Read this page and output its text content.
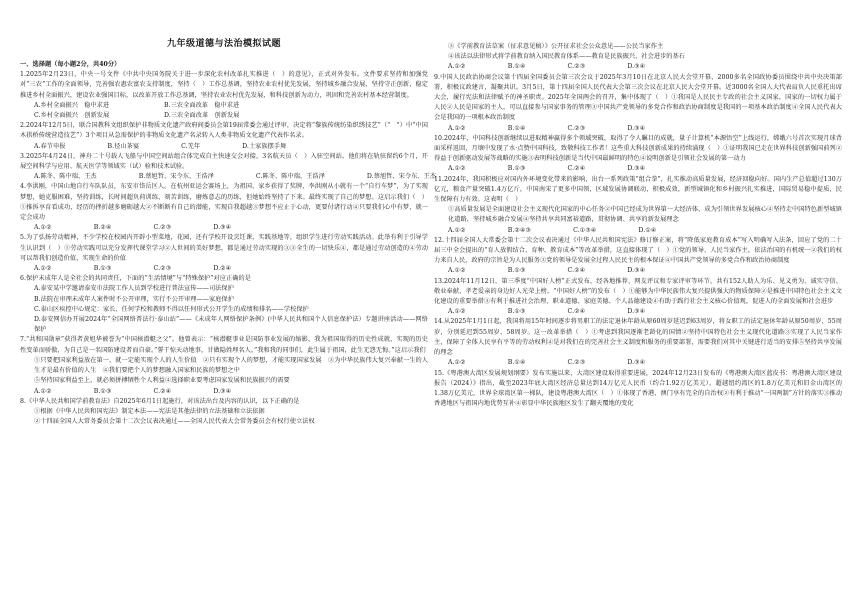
九年级道德与法治模拟试题

一、选择题（每小题2分，共40分）

1.2025年2月23日，中央一号文件《中共中央国务院关于进一步深化农村改革扎实推进（　）的意见》，正式对外发布。文件要求坚持和加强党对“三农”工作的全面领导，完善强农惠农富农支持制度，坚持（　）工作总基调，坚持农业农村优先发展，坚持城乡融合发展，坚持守正创新，稳定推进乡村全面振兴，建设农业强国目标，以改革开放工作总基调，坚持农业农村优先发展，和科技创新为动力，巩固和完善农村基本经营制度。

A.乡村全面振兴　稳中求进	B.三农全面改革　稳中求进
C.乡村全面振兴　创新发展	D.三农全面改革　创新发展

2.2024年12月5日，联合国教科文组织保护非物质文化遗产政府间委员会第19届常委会通过评审，决定将“黎族传统纺染织绣技艺”（“　”）中“中国木拱桥传统营造技艺”）3个项目从急需保护的非物质文化遗产名录转入人类非物质文化遗产代表作名录。

A.春节申报	B.径山茶宴	C.羌年	D.土家族摆手舞

3.2025年4月24日，神舟二十号载人飞船与中国空间站组合体完成自主快速交会对接，3名航天员（　）入驻空间站。他们将在轨驻留约6个月，开展空间科学与应用、航天医学等领域实（试）验和技术试验。

A.陈冬、陈中瑞、王杰	B.蔡旭哲、宋令东、王浩泽	C.陈冬、陈中瑞、王浩泽	D.蔡旭哲、宋令东、王杰

4.李洪刚，中国山地自行车队队员，东安市岱岳区人。在杭州亚运会赛场上，为祖国、家乡获得了奖牌，李洪刚从小就有一个“自行车梦”，为了实现梦想，她克服困难，坚持训练，长时间超负荷训练，刻苦训练，磨炼意志的历练，但她始终坚持了下来。最终实现了自己的梦想。这启示我们（　）①推拆享育看成功，经历的挫折越多磨砺越大②不断断有自己的潜能，实现自我超越③梦想不应止于心动，更要付诸行动④只要我们心中有梦，就一定会成功

A.①②	B.②④	C.②③	D.③④

5.为了弘扬劳动精神，不少学校在校园内开辟小型菜地，花园，还有学校开设烹饪课，实践基地等，组织学生进行劳动实践活动。此举有利于引导学生认识到（　）①劳动实践可以充分发挥代课堂学习②人世间的美好梦想，都是通过劳动实现的③③全生的一切快乐④，都是通过劳动创造的④劳动可以帮我们创造价值，实现生命的价值

A.①②	B.①③	C.②③	D.②④

6.保护未成年人是全社会的共同责任，下面的“生活情境”与“特殊保护”对应正确的是

A.泰安某中学邀请泰安市法院工作人员到学校进行普法宣传——司法保护

B.法院在审理未成年人案件时不公开审理，实行不公开审理——家庭保护

C.泰山区疾控中心规定：家长、任何学校和教师不得以任何形式公开学生的成绩和排名——学校保护

D.泰安网信办开展2024年“全国网络普法行·泰山站”——《未成年人网络保护条例》(中华人民共和国个人信息保护法）专题讲座活动——网络保护

7.“共和国勋章”获得者黄旭华被誉为“中国核潜艇之父”。他曾表示：“核潜艇事业是国防事业发展的缩影，我为祖国取得的历史性成就，实现的历史性变革而骄傲，为自己是一名国防建设者而自豪。”誓干惊天动地事，甘做隐姓埋名人。”我和我的同事们，此生属于祖国，此生无怨无悔。”这启示我们

①只要把国家利益放在第一，就一定能实现个人的人生价值　②只有实现个人的梦想，才能实现国家发展　③为中华民族伟大复兴奉献一生的人生才是最有价值的人生　④我们要把个人的梦想融入国家和民族的梦想之中

⑤坚持国家利益至上，就必须拼搏牺牲个人利益④选择职业要考虑国家发展和民族振兴的需要

A.①②	B.①③	C.②④	D.③④

8.《中华人民共和国学前教育法》自2025年6月1日起施行，对该法出台及内容的认识，以下正确的是

①根据《中华人民共和国宪法》制定本法——宪法是其他法律的立法基础和立法依据

②十四届全国人大常务委员会第十二次会议表决通过——全国人民代表大会常务委员会有权行使立法权

③《学前教育法草案（征求意见稿）》公开征求社会公众意见——公民当家作主

④该法以法律形式将学前教育纳入国民教育体系——教育是民族振兴、社会进步的基石

A.①②	B.①④	C.②③	D.③④

9.中国人民政治协商会议第十四届全国委员会第三次会议于2025年3月10日在北京人民大会堂开幕，2000多名全国政协委员围绕中共中央决策部署，积极议政建言，凝聚共识。3月5日，第十四届全国人民代表大会第三次会议在北京人民大会堂开幕。近3000名全国人大代表肩负人民重托出席大会，履行宪法和法律赋予的神圣职责。2025年全国两会的召开，集中体现了（　）①我国是人民民主专政的社会主义国家，国家的一切权力属于人民②人民是国家的主人，可以直接参与国家事务的管理③中国共产党领导的多党合作和政治协商制度是我国的一项基本政治制度④全国人民代表大会是我国的一项根本政治制度

A.①②	B.①④	C.②③	D.③④

10.2024年，中国科技创新继续以进取精神赢得多个领域突破，取得了令人瞩目的成就，量子计算机“本源悟空”上线运行，嫦娥六号首次实现月球背面采样返回，月壤中发现了水·点赞中国科技，致敬科技工作者！这些重大科技创新成果的持续涌现（　）①证明我国已走在世界科技创新强国前列②得益于创新驱动发展等战略的实施③表明科技创新是当代中国最鲜明的特色④说明创新是引领社会发展的第一动力

A.①②	B.①③	C.②④	D.③④

11.2024年，我国积极应对国内外环境变化带来的影响，出台一系列政策“组合拳”，扎实推动高质量发展，经济回稳向好。国内生产总值超过130万亿元，粮食产量突破1.4万亿斤，中国南宋了更多中国领，区域发展协调联动，积极成效，新型城镇化和乡村振兴扎实推进，国际贸易稳中提质，民生保障有力有效。这表明（　）

①高质量发展是全面建设社会主义现代化国家的中心任务②中国已经成为世界第一大经济体，成为引领世界发展核心④坚持走中国特色新型城镇化道路，坚持城乡融合发展④坚持共享共同富裕道路，贯彻协调、共享的新发展理念

A.①②	B.②④③	C.①③④	D.①④

12.十四届全国人大常委会第十二次会议表决通过《中华人民共和国宪法》修订修正案，将“降低家庭教育成本”写入明确写入法条，回应了党的二十届三中全会提出的“育人放假结合、育种、教育成本”等改革举措，这直接体现了（　）①党的领导、人民当家作主，依法治国的有机统一②我们的权力来自人民，政府的宗旨是为人民服务③党的领导是发展全过程人民民主的根本保证④中国共产党领导的多党合作和政治协商制度

A.①②	B.①③	C.②④	D.③④

13.2024年11月12日，第三季度“中国好人榜”正式发布，经各地推荐、网友评议和专家评审等环节，共有152人助人为乐、见义勇为、诚实守信、敬业奉献、孝老爱亲的身边好人光荣上榜。“中国好人榜”的发布（　）①能够为中华民族伟大复兴提供强大的物质保障②是推进中国特色社会主义文化建设的重要举措③有利于推进社会治理、职业道德、家庭美德、个人品德建设④有助于践行社会主义核心价值观，促进人的全面发展和社会进步

A.①②	B.①③	C.②④	D.③④

14.从2025年1月1日起，我国将用15年时间逐步将男职工的法定退休年龄从原60周岁延迟到63周岁，将女职工的法定退休年龄从原50周岁、55周岁，分别延迟到55周岁、58周岁。这一改革举措（　）①考虑到我国逐渐老龄化的国情②坚持中国特色社会主义现代化道路③实现了人民当家作主，保障了全体人民享有平等的劳动权利④是对我们在的完善社会主义制度和服务的重要部署，需要我们对其中关键进行适当的安排⑤坚持共享发展的理念

A.①②	B.①④	C.②③	D.③④

15.《粤港澳大湾区发展规划纲要》发布实施以来，大湾区建设取得重要进展，2024年12月23日发布的《粤港澳大湾区蓝皮书：粤港澳大湾区建设报告（2024）》指出，截至2023年底大湾区经济总量达到14万亿元人民币（约合1.92万亿美元），超越纽约湾区的1.8万亿美元和旧金山湾区的1.38万亿美元，世界全球湾区第一梯队，建设粤港澳大湾区（　）①体现了香港、澳门享有完全的自治权②有利于推动“一国两制”方针的落实③推动香港地区与祖国内地优势互补④彰显中华民族地区发生了翻天覆地的变化
